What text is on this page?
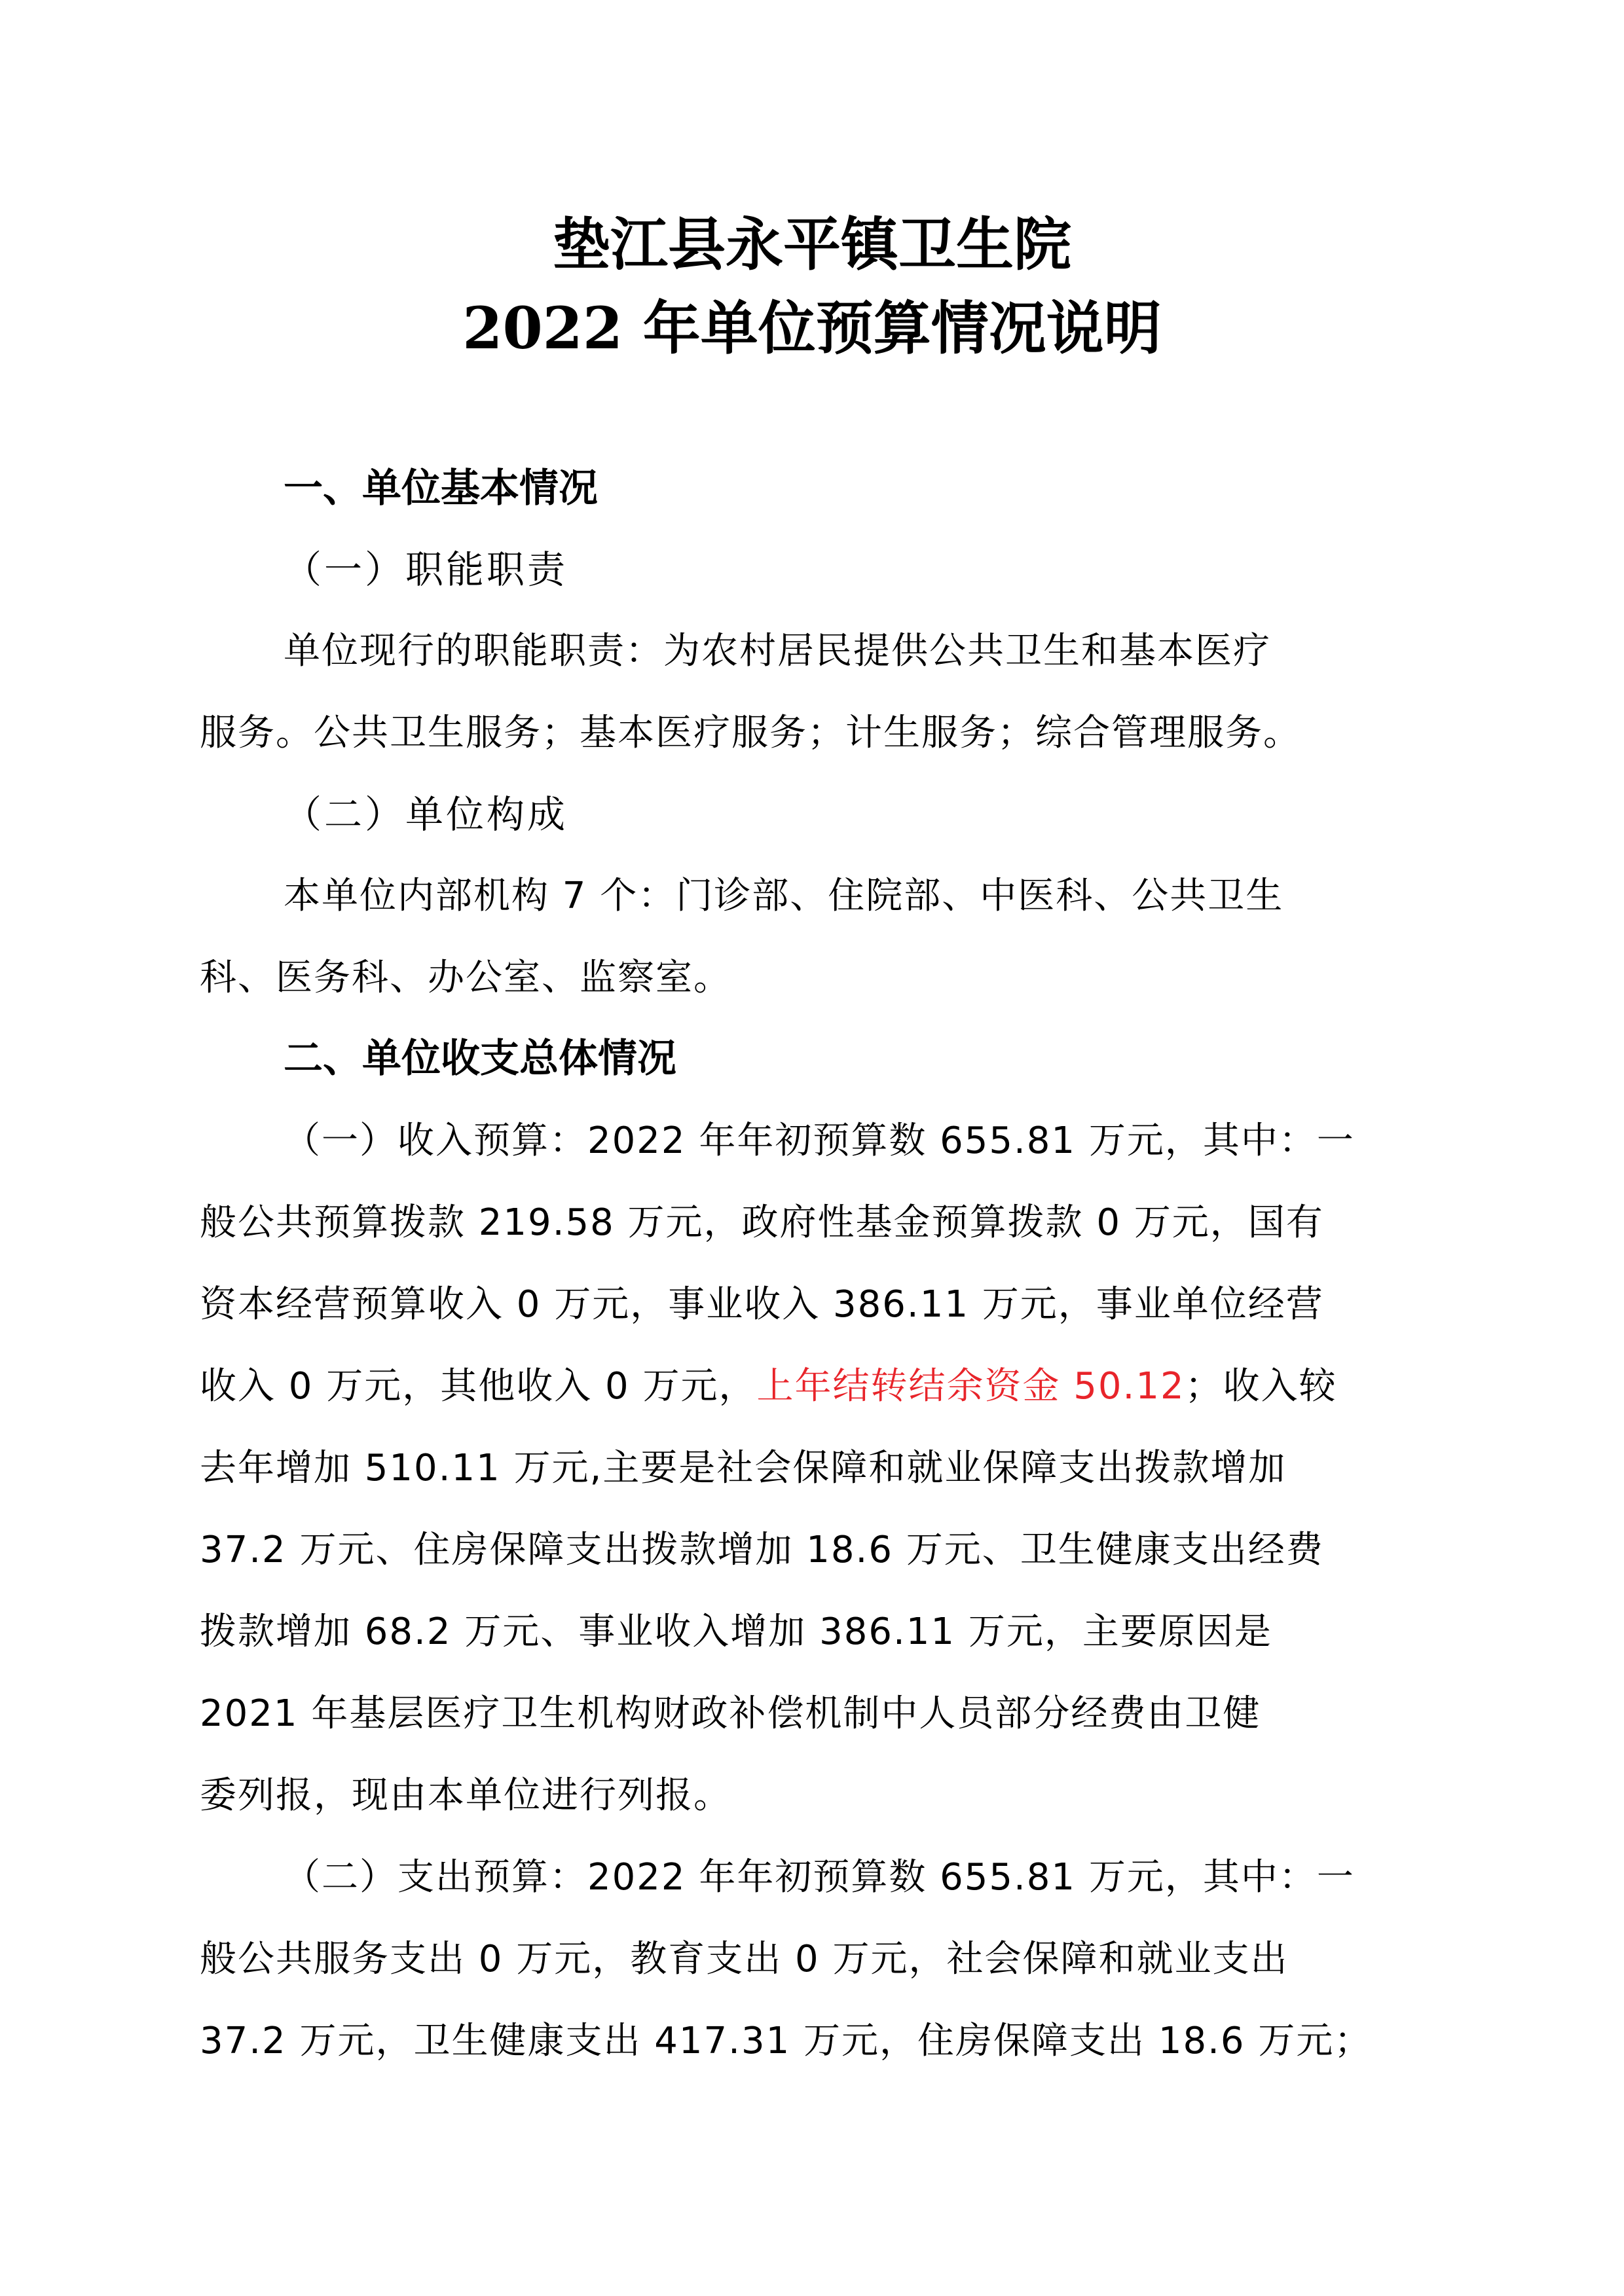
垫江县永平镇卫生院
2022 年单位预算情况说明
一、单位基本情况
（一）职能职责
单位现行的职能职责：为农村居民提供公共卫生和基本医疗
服务。公共卫生服务；基本医疗服务；计生服务；综合管理服务。
（二）单位构成
本单位内部机构 7 个：门诊部、住院部、中医科、公共卫生
科、医务科、办公室、监察室。
二、单位收支总体情况
（一）收入预算：2022 年年初预算数 655.81 万元，其中：一
般公共预算拨款 219.58 万元，政府性基金预算拨款 0 万元，国有
资本经营预算收入 0 万元，事业收入 386.11 万元，事业单位经营
收入 0 万元，其他收入 0 万元，上年结转结余资金 50.12；收入较
去年增加 510.11 万元,主要是社会保障和就业保障支出拨款增加
37.2 万元、住房保障支出拨款增加 18.6 万元、卫生健康支出经费
拨款增加 68.2 万元、事业收入增加 386.11 万元，主要原因是
2021 年基层医疗卫生机构财政补偿机制中人员部分经费由卫健
委列报，现由本单位进行列报。
（二）支出预算：2022 年年初预算数 655.81 万元，其中：一
般公共服务支出 0 万元，教育支出 0 万元，社会保障和就业支出
37.2 万元，卫生健康支出 417.31 万元，住房保障支出 18.6 万元；
